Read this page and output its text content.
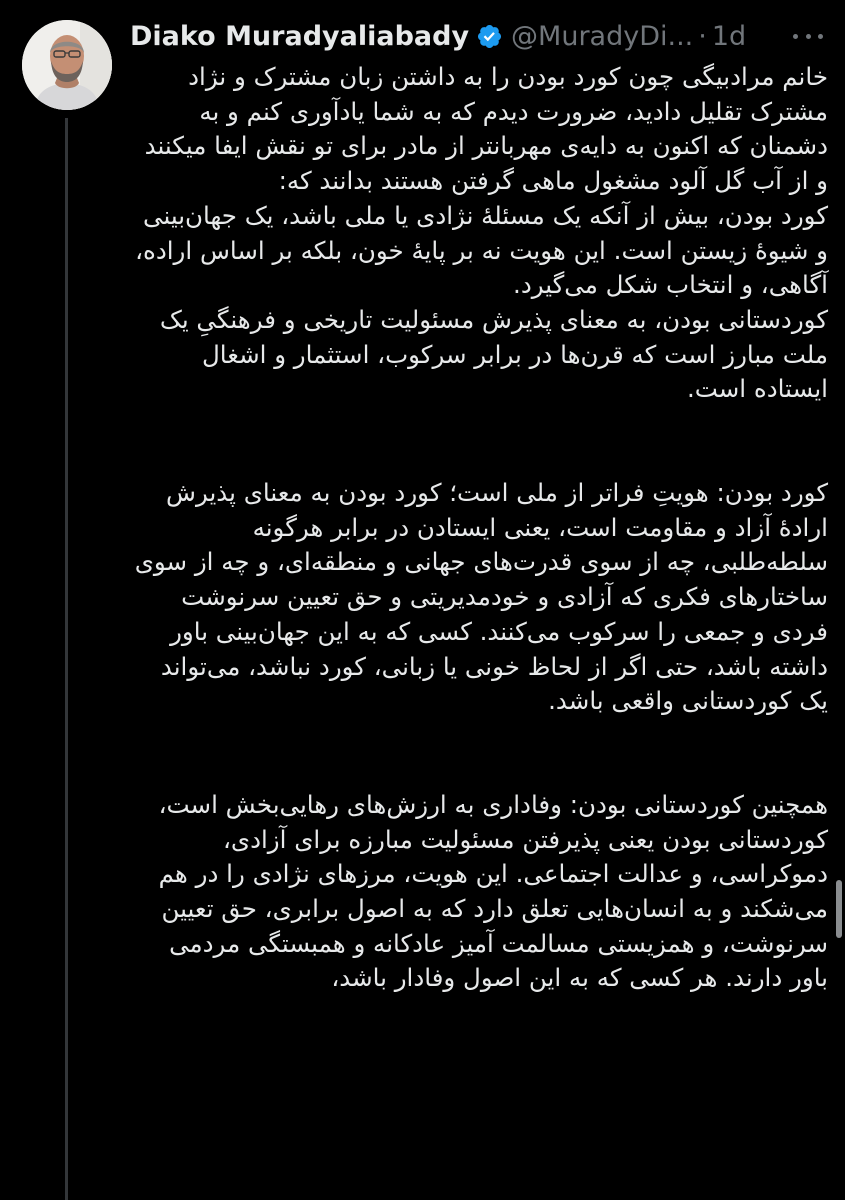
Diako Muradyaliabady @MuradyDi... · 1d

خانم مرادبیگی چون کورد بودن را به داشتن زبان مشترک و نژاد مشترک تقلیل دادید، ضرورت دیدم که به شما یادآوری کنم و به دشمنان که اکنون به دایه‌ی مهربانتر از مادر برای تو نقش ایفا میکنند و از آب گل آلود مشغول ماهی گرفتن هستند بدانند که:
کورد بودن، بیش از آنکه یک مسئلهٔ نژادی یا ملی باشد، یک جهان‌بینی و شیوهٔ زیستن است. این هویت نه بر پایهٔ خون، بلکه بر اساس اراده، آگاهی، و انتخاب شکل می‌گیرد.
کوردستانی بودن، به معنای پذیرش مسئولیت تاریخی و فرهنگیِ یک ملت مبارز است که قرن‌ها در برابر سرکوب، استثمار و اشغال ایستاده است.

کورد بودن: هویتِ فراتر از ملی است؛ کورد بودن به معنای پذیرش ارادهٔ آزاد و مقاومت است، یعنی ایستادن در برابر هرگونه سلطه‌طلبی، چه از سوی قدرت‌های جهانی و منطقه‌ای، و چه از سوی ساختارهای فکری که آزادی و خودمدیریتی و حق تعیین سرنوشت فردی و جمعی را سرکوب می‌کنند. کسی که به این جهان‌بینی باور داشته باشد، حتی اگر از لحاظ خونی یا زبانی، کورد نباشد، می‌تواند یک کوردستانی واقعی باشد.

همچنین کوردستانی بودن: وفاداری به ارزش‌های رهایی‌بخش است، کوردستانی بودن یعنی پذیرفتن مسئولیت مبارزه برای آزادی، دموکراسی، و عدالت اجتماعی. این هویت، مرزهای نژادی را در هم می‌شکند و به انسان‌هایی تعلق دارد که به اصول برابری، حق تعیین سرنوشت، و همزیستی مسالمت آمیز عادکانه و همبستگی مردمی باور دارند. هر کسی که به این اصول وفادار باشد،
